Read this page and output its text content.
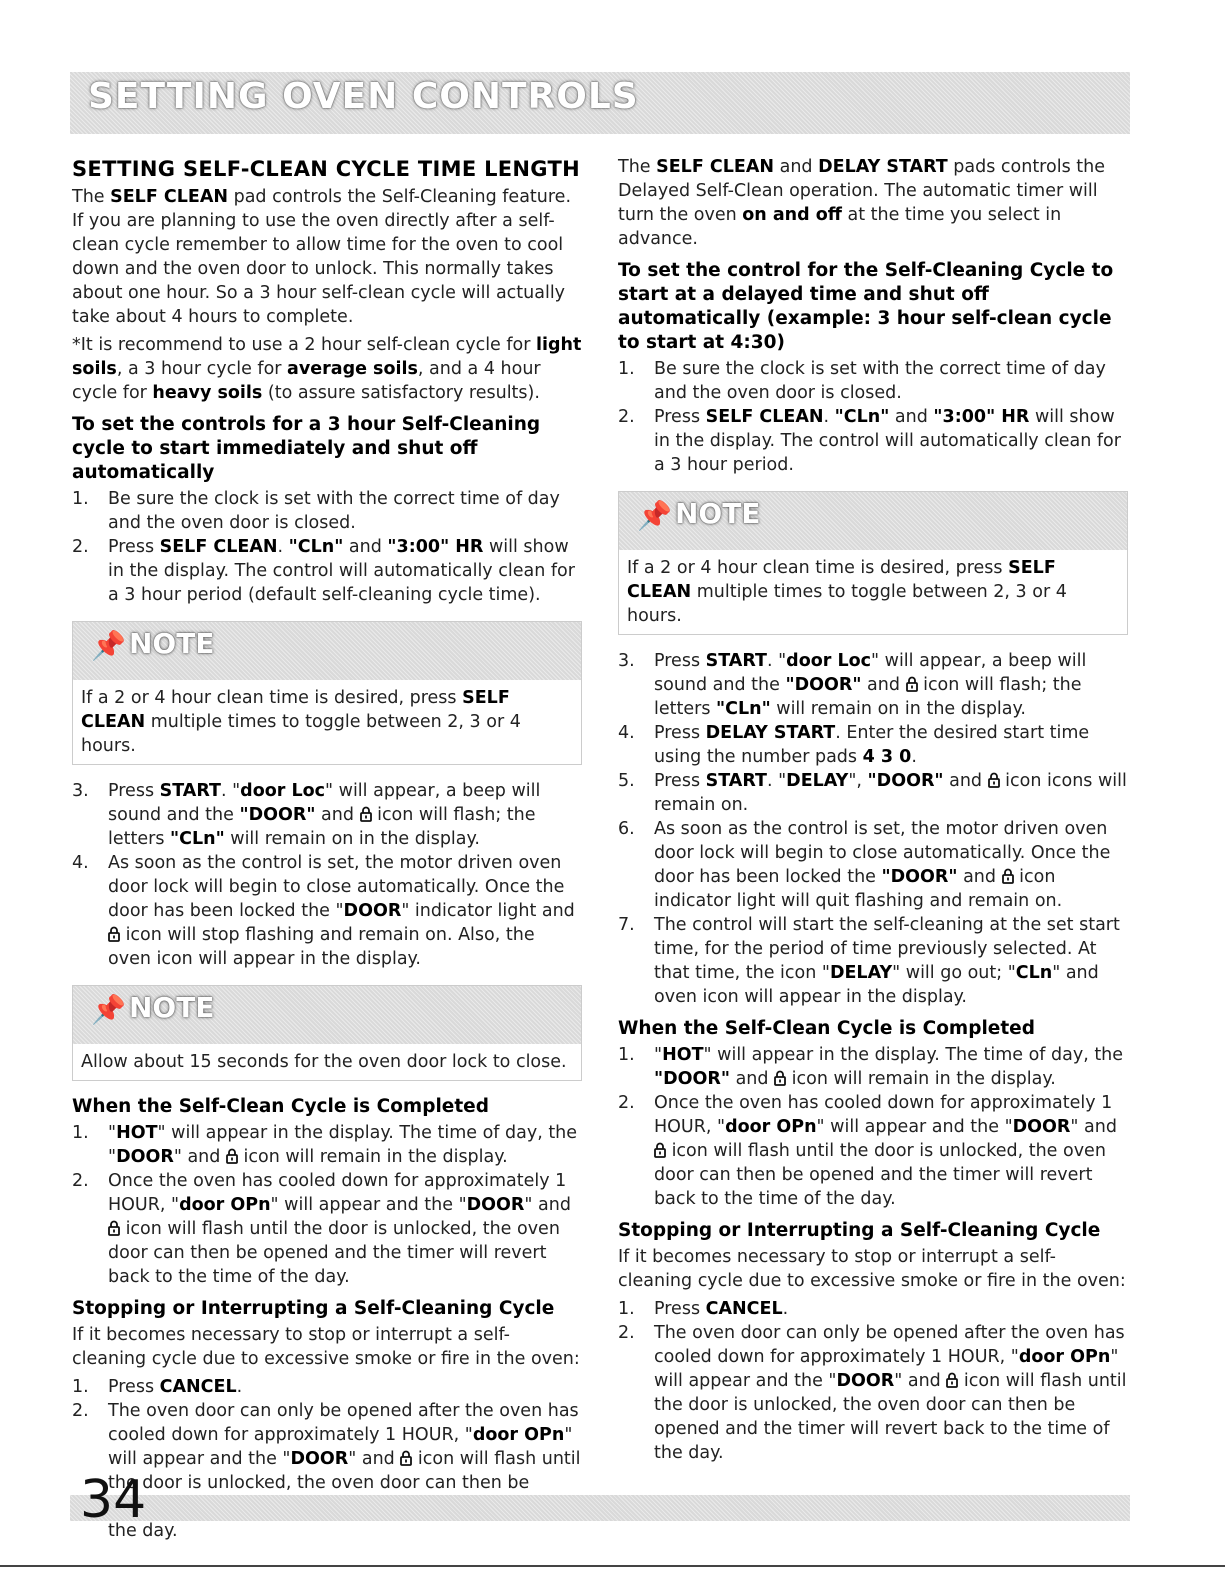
SETTING OVEN CONTROLS
SETTING SELF-CLEAN CYCLE TIME LENGTH

The SELF CLEAN pad controls the Self-Cleaning feature. If you are planning to use the oven directly after a self-clean cycle remember to allow time for the oven to cool down and the oven door to unlock. This normally takes about one hour. So a 3 hour self-clean cycle will actually take about 4 hours to complete.

*It is recommend to use a 2 hour self-clean cycle for light soils, a 3 hour cycle for average soils, and a 4 hour cycle for heavy soils (to assure satisfactory results).

To set the controls for a 3 hour Self-Cleaning cycle to start immediately and shut off automatically
1. Be sure the clock is set with the correct time of day and the oven door is closed.
2. Press SELF CLEAN. "CLn" and "3:00" HR will show in the display. The control will automatically clean for a 3 hour period (default self-cleaning cycle time).
📌 NOTE
If a 2 or 4 hour clean time is desired, press SELF CLEAN multiple times to toggle between 2, 3 or 4 hours.
3. Press START. "door Loc" will appear, a beep will sound and the "DOOR" and  icon will flash; the letters "CLn" will remain on in the display.
4. As soon as the control is set, the motor driven oven door lock will begin to close automatically. Once the door has been locked the "DOOR" indicator light and  icon will stop flashing and remain on. Also, the oven icon will appear in the display.
📌 NOTE
Allow about 15 seconds for the oven door lock to close.
When the Self-Clean Cycle is Completed
1. "HOT" will appear in the display. The time of day, the "DOOR" and  icon will remain in the display.
2. Once the oven has cooled down for approximately 1 HOUR, "door OPn" will appear and the "DOOR" and  icon will flash until the door is unlocked, the oven door can then be opened and the timer will revert back to the time of the day.
Stopping or Interrupting a Self-Cleaning Cycle

If it becomes necessary to stop or interrupt a self-cleaning cycle due to excessive smoke or fire in the oven:

1. Press CANCEL.
2. The oven door can only be opened after the oven has cooled down for approximately 1 HOUR, "door OPn" will appear and the "DOOR" and  icon will flash until the door is unlocked, the oven door can then be the day.

The SELF CLEAN and DELAY START pads controls the Delayed Self-Clean operation. The automatic timer will turn the oven on and off at the time you select in advance.

To set the control for the Self-Cleaning Cycle to start at a delayed time and shut off automatically (example: 3 hour self-clean cycle to start at 4:30)
1. Be sure the clock is set with the correct time of day and the oven door is closed.
2. Press SELF CLEAN. "CLn" and "3:00" HR will show in the display. The control will automatically clean for a 3 hour period.
📌 NOTE
If a 2 or 4 hour clean time is desired, press SELF CLEAN multiple times to toggle between 2, 3 or 4 hours.
3. Press START. "door Loc" will appear, a beep will sound and the "DOOR" and  icon will flash; the letters "CLn" will remain on in the display.
4. Press DELAY START. Enter the desired start time using the number pads 4 3 0.
5. Press START. "DELAY", "DOOR" and  icon icons will remain on.
6. As soon as the control is set, the motor driven oven door lock will begin to close automatically. Once the door has been locked the "DOOR" and  icon indicator light will quit flashing and remain on.
7. The control will start the self-cleaning at the set start time, for the period of time previously selected. At that time, the icon "DELAY" will go out; "CLn" and oven icon will appear in the display.
When the Self-Clean Cycle is Completed
1. "HOT" will appear in the display. The time of day, the "DOOR" and  icon will remain in the display.
2. Once the oven has cooled down for approximately 1 HOUR, "door OPn" will appear and the "DOOR" and  icon will flash until the door is unlocked, the oven door can then be opened and the timer will revert back to the time of the day.
Stopping or Interrupting a Self-Cleaning Cycle

If it becomes necessary to stop or interrupt a self-cleaning cycle due to excessive smoke or fire in the oven:

1. Press CANCEL.
2. The oven door can only be opened after the oven has cooled down for approximately 1 HOUR, "door OPn" will appear and the "DOOR" and  icon will flash until the door is unlocked, the oven door can then be opened and the timer will revert back to the time of the day.
34
